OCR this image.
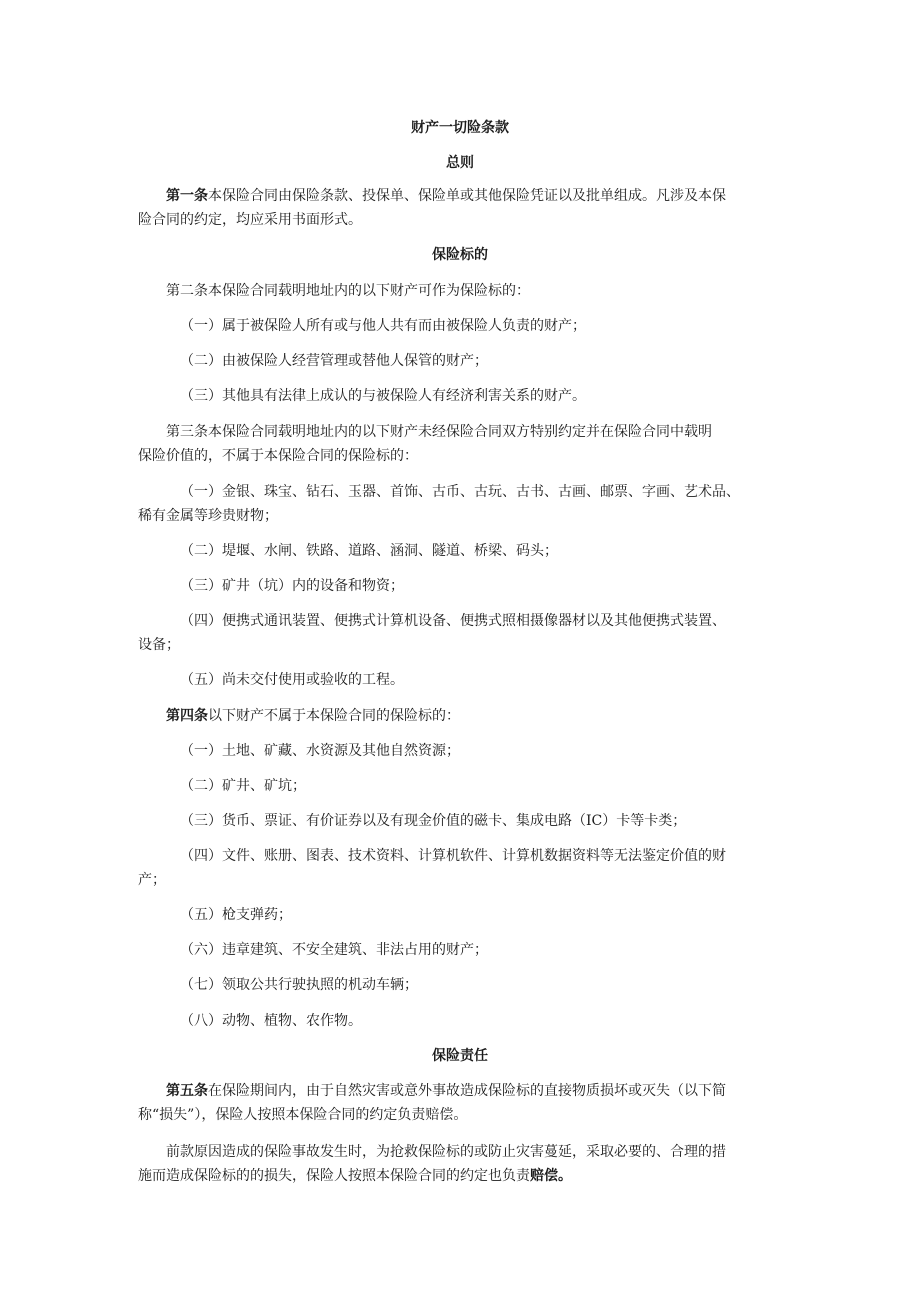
财产一切险条款
总则
第一条本保险合同由保险条款、投保单、保险单或其他保险凭证以及批单组成。凡涉及本保
险合同的约定，均应采用书面形式。
保险标的
第二条本保险合同载明地址内的以下财产可作为保险标的：
（一）属于被保险人所有或与他人共有而由被保险人负责的财产；
（二）由被保险人经营管理或替他人保管的财产；
（三）其他具有法律上成认的与被保险人有经济利害关系的财产。
第三条本保险合同载明地址内的以下财产未经保险合同双方特别约定并在保险合同中载明
保险价值的，不属于本保险合同的保险标的：
（一）金银、珠宝、钻石、玉器、首饰、古币、古玩、古书、古画、邮票、字画、艺术品、
稀有金属等珍贵财物；
（二）堤堰、水闸、铁路、道路、涵洞、隧道、桥梁、码头；
（三）矿井（坑）内的设备和物资；
（四）便携式通讯装置、便携式计算机设备、便携式照相摄像器材以及其他便携式装置、
设备；
（五）尚未交付使用或验收的工程。
第四条以下财产不属于本保险合同的保险标的：
（一）土地、矿藏、水资源及其他自然资源；
（二）矿井、矿坑；
（三）货币、票证、有价证券以及有现金价值的磁卡、集成电路（IC）卡等卡类；
（四）文件、账册、图表、技术资料、计算机软件、计算机数据资料等无法鉴定价值的财
产；
（五）枪支弹药；
（六）违章建筑、不安全建筑、非法占用的财产；
（七）领取公共行驶执照的机动车辆；
（八）动物、植物、农作物。
保险责任
第五条在保险期间内，由于自然灾害或意外事故造成保险标的直接物质损坏或灭失（以下简
称“损失”），保险人按照本保险合同的约定负责赔偿。
前款原因造成的保险事故发生时，为抢救保险标的或防止灾害蔓延，采取必要的、合理的措
施而造成保险标的的损失，保险人按照本保险合同的约定也负责赔偿。
